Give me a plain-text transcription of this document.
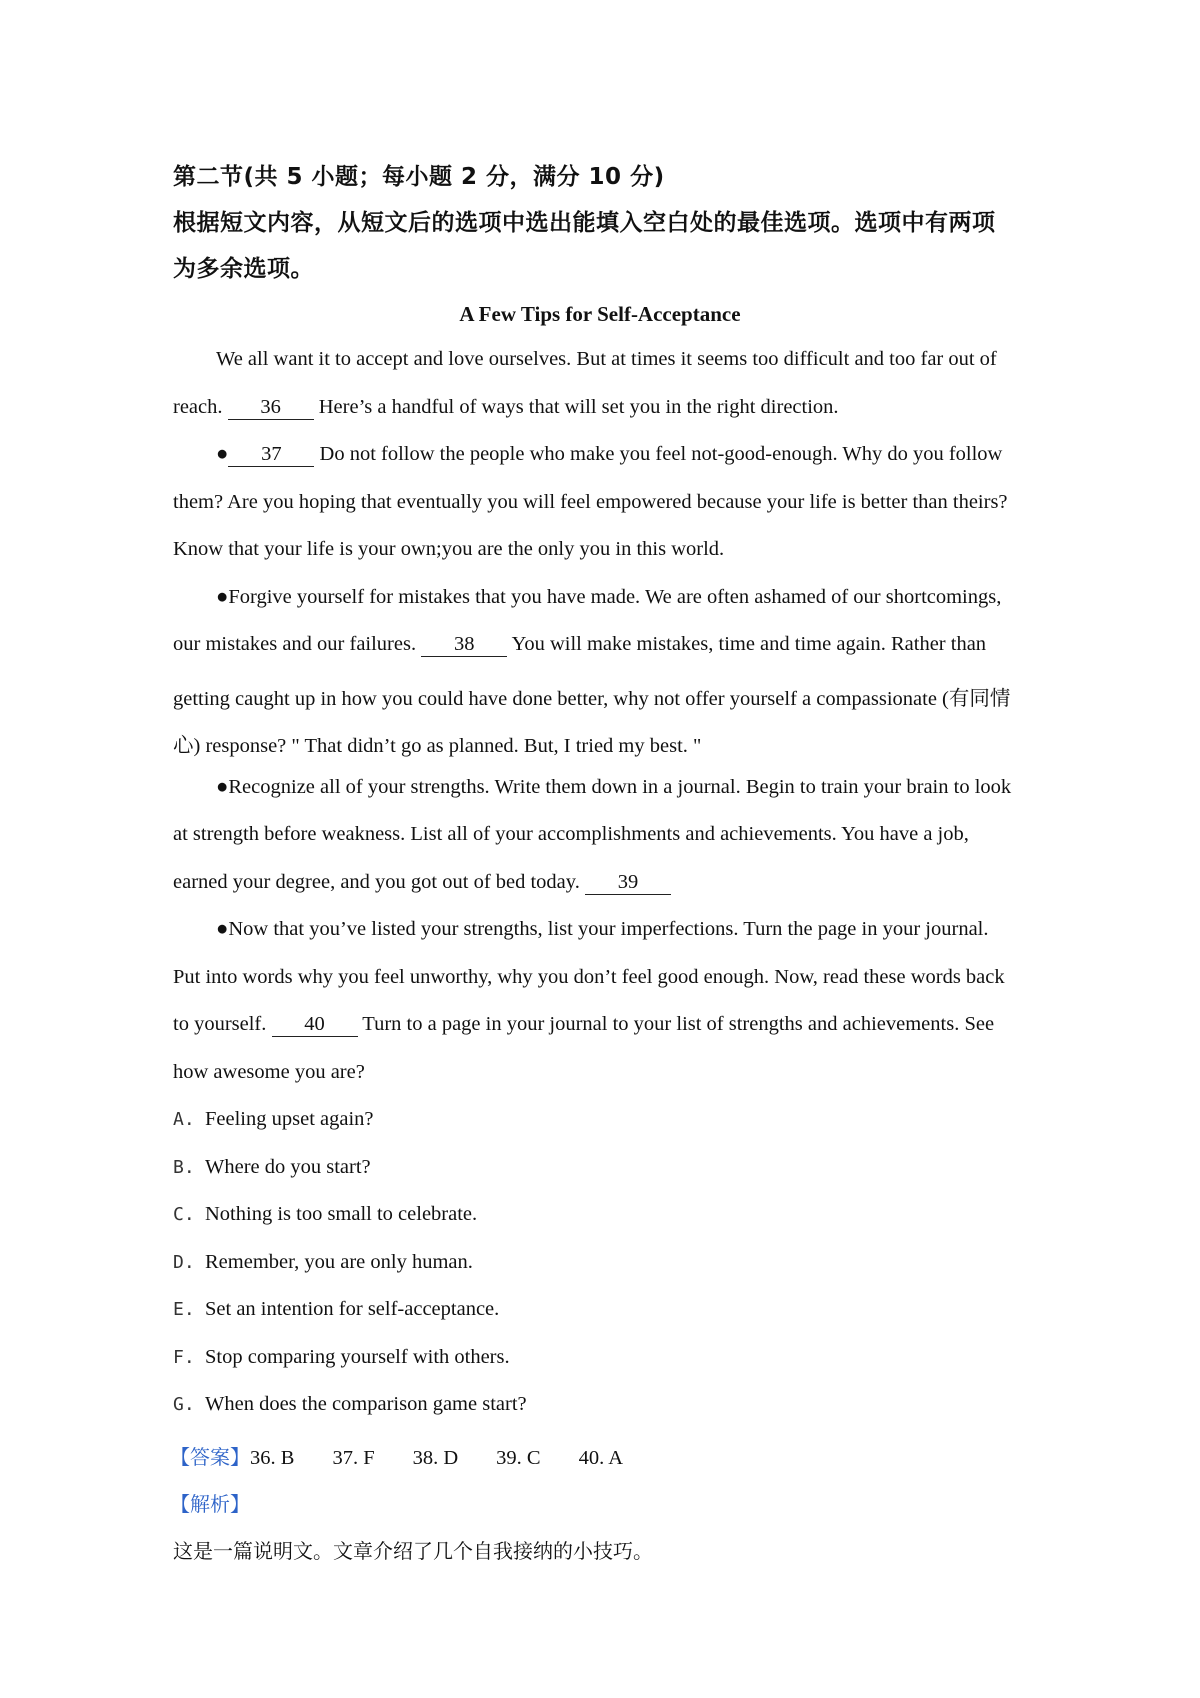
第二节(共 5 小题；每小题 2 分，满分 10 分)
根据短文内容，从短文后的选项中选出能填入空白处的最佳选项。选项中有两项
为多余选项。
A Few Tips for Self-Acceptance
We all want it to accept and love ourselves. But at times it seems too difficult and too far out of
reach. 36 Here’s a handful of ways that will set you in the right direction.
● 37 Do not follow the people who make you feel not-good-enough. Why do you follow
them? Are you hoping that eventually you will feel empowered because your life is better than theirs?
Know that your life is your own;you are the only you in this world.
●Forgive yourself for mistakes that you have made. We are often ashamed of our shortcomings,
our mistakes and our failures. 38 You will make mistakes, time and time again. Rather than
getting caught up in how you could have done better, why not offer yourself a compassionate (有同情
心) response? " That didn’t go as planned. But, I tried my best. "
●Recognize all of your strengths. Write them down in a journal. Begin to train your brain to look
at strength before weakness. List all of your accomplishments and achievements. You have a job,
earned your degree, and you got out of bed today. 39
●Now that you’ve listed your strengths, list your imperfections. Turn the page in your journal.
Put into words why you feel unworthy, why you don’t feel good enough. Now, read these words back
to yourself. 40 Turn to a page in your journal to your list of strengths and achievements. See
how awesome you are?
A. Feeling upset again?
B. Where do you start?
C. Nothing is too small to celebrate.
D. Remember, you are only human.
E. Set an intention for self-acceptance.
F. Stop comparing yourself with others.
G. When does the comparison game start?
【答案】36. B 37. F 38. D 39. C 40. A
【解析】
这是一篇说明文。文章介绍了几个自我接纳的小技巧。
